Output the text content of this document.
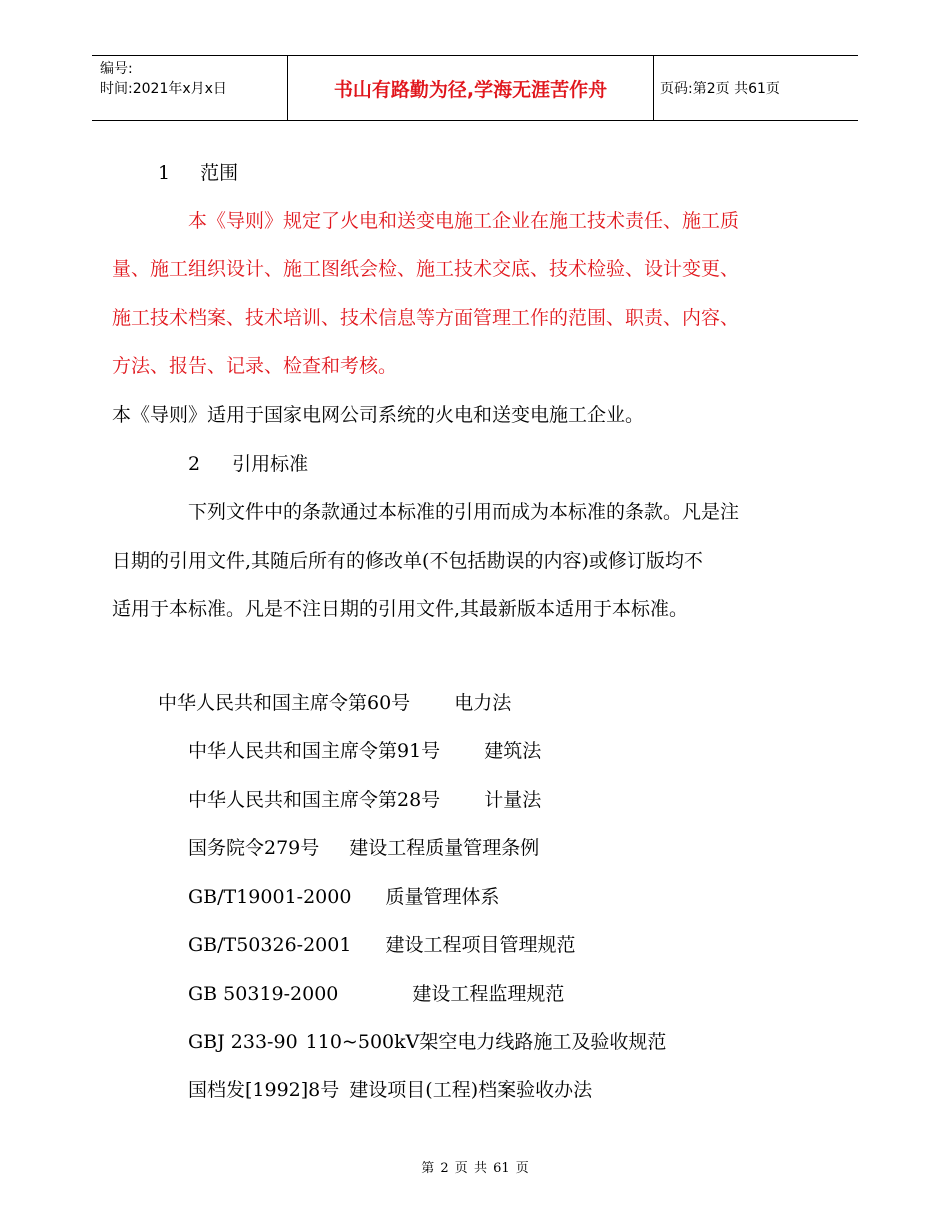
编号:
时间:2021年x月x日	书山有路勤为径,学海无涯苦作舟	页码:第2页 共61页
1 范围
本《导则》规定了火电和送变电施工企业在施工技术责任、施工质
量、施工组织设计、施工图纸会检、施工技术交底、技术检验、设计变更、
施工技术档案、技术培训、技术信息等方面管理工作的范围、职责、内容、
方法、报告、记录、检查和考核。
本《导则》适用于国家电网公司系统的火电和送变电施工企业。
2 引用标准
下列文件中的条款通过本标准的引用而成为本标准的条款。凡是注
日期的引用文件,其随后所有的修改单(不包括勘误的内容)或修订版均不
适用于本标准。凡是不注日期的引用文件,其最新版本适用于本标准。
中华人民共和国主席令第60号 电力法
中华人民共和国主席令第91号 建筑法
中华人民共和国主席令第28号 计量法
国务院令279号 建设工程质量管理条例
GB/T19001-2000 质量管理体系
GB/T50326-2001 建设工程项目管理规范
GB 50319-2000	建设工程监理规范
GBJ 233-90 110~500kV架空电力线路施工及验收规范
国档发[1992]8号 建设项目(工程)档案验收办法
第 2 页 共 61 页
